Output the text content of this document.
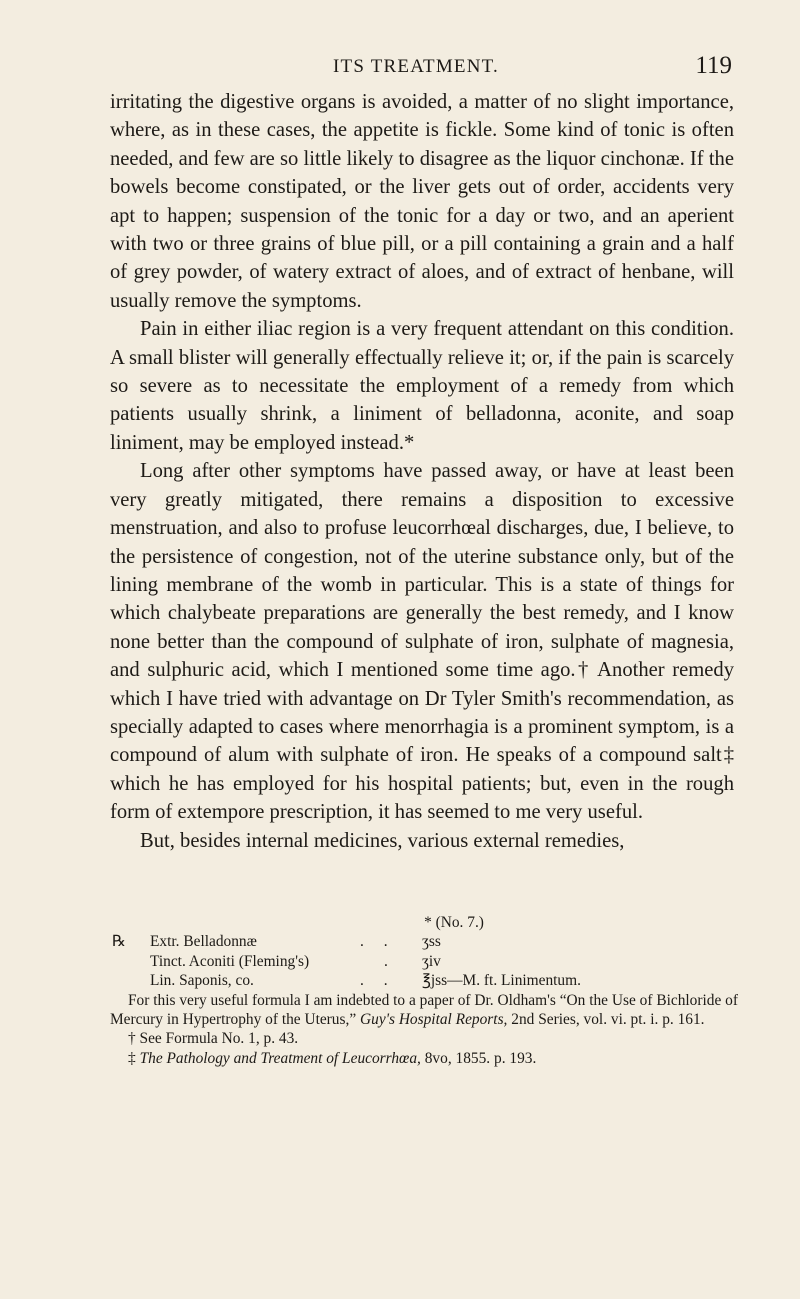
ITS TREATMENT.	119

irritating the digestive organs is avoided, a matter of no slight importance, where, as in these cases, the appetite is fickle. Some kind of tonic is often needed, and few are so little likely to disagree as the liquor cinchonæ. If the bowels become constipated, or the liver gets out of order, accidents very apt to happen; suspension of the tonic for a day or two, and an aperient with two or three grains of blue pill, or a pill containing a grain and a half of grey powder, of watery extract of aloes, and of extract of henbane, will usually remove the symptoms.

Pain in either iliac region is a very frequent attendant on this condition. A small blister will generally effectually relieve it; or, if the pain is scarcely so severe as to necessitate the employment of a remedy from which patients usually shrink, a liniment of belladonna, aconite, and soap liniment, may be employed instead.*

Long after other symptoms have passed away, or have at least been very greatly mitigated, there remains a disposition to excessive menstruation, and also to profuse leucorrhœal discharges, due, I believe, to the persistence of congestion, not of the uterine substance only, but of the lining membrane of the womb in particular. This is a state of things for which chalybeate preparations are generally the best remedy, and I know none better than the compound of sulphate of iron, sulphate of magnesia, and sulphuric acid, which I mentioned some time ago.† Another remedy which I have tried with advantage on Dr Tyler Smith's recommendation, as specially adapted to cases where menorrhagia is a prominent symptom, is a compound of alum with sulphate of iron. He speaks of a compound salt‡ which he has employed for his hospital patients; but, even in the rough form of extempore prescription, it has seemed to me very useful.

But, besides internal medicines, various external remedies,

* (No. 7.)
℞ Extr. Belladonnæ	. . ʒss
Tinct. Aconiti (Fleming's)	. ʒiv
Lin. Saponis, co.	. . ℥jss—M. ft. Linimentum.

For this very useful formula I am indebted to a paper of Dr. Oldham's “On the Use of Bichloride of Mercury in Hypertrophy of the Uterus,” Guy's Hospital Reports, 2nd Series, vol. vi. pt. i. p. 161.

† See Formula No. 1, p. 43.

‡ The Pathology and Treatment of Leucorrhœa, 8vo, 1855. p. 193.
